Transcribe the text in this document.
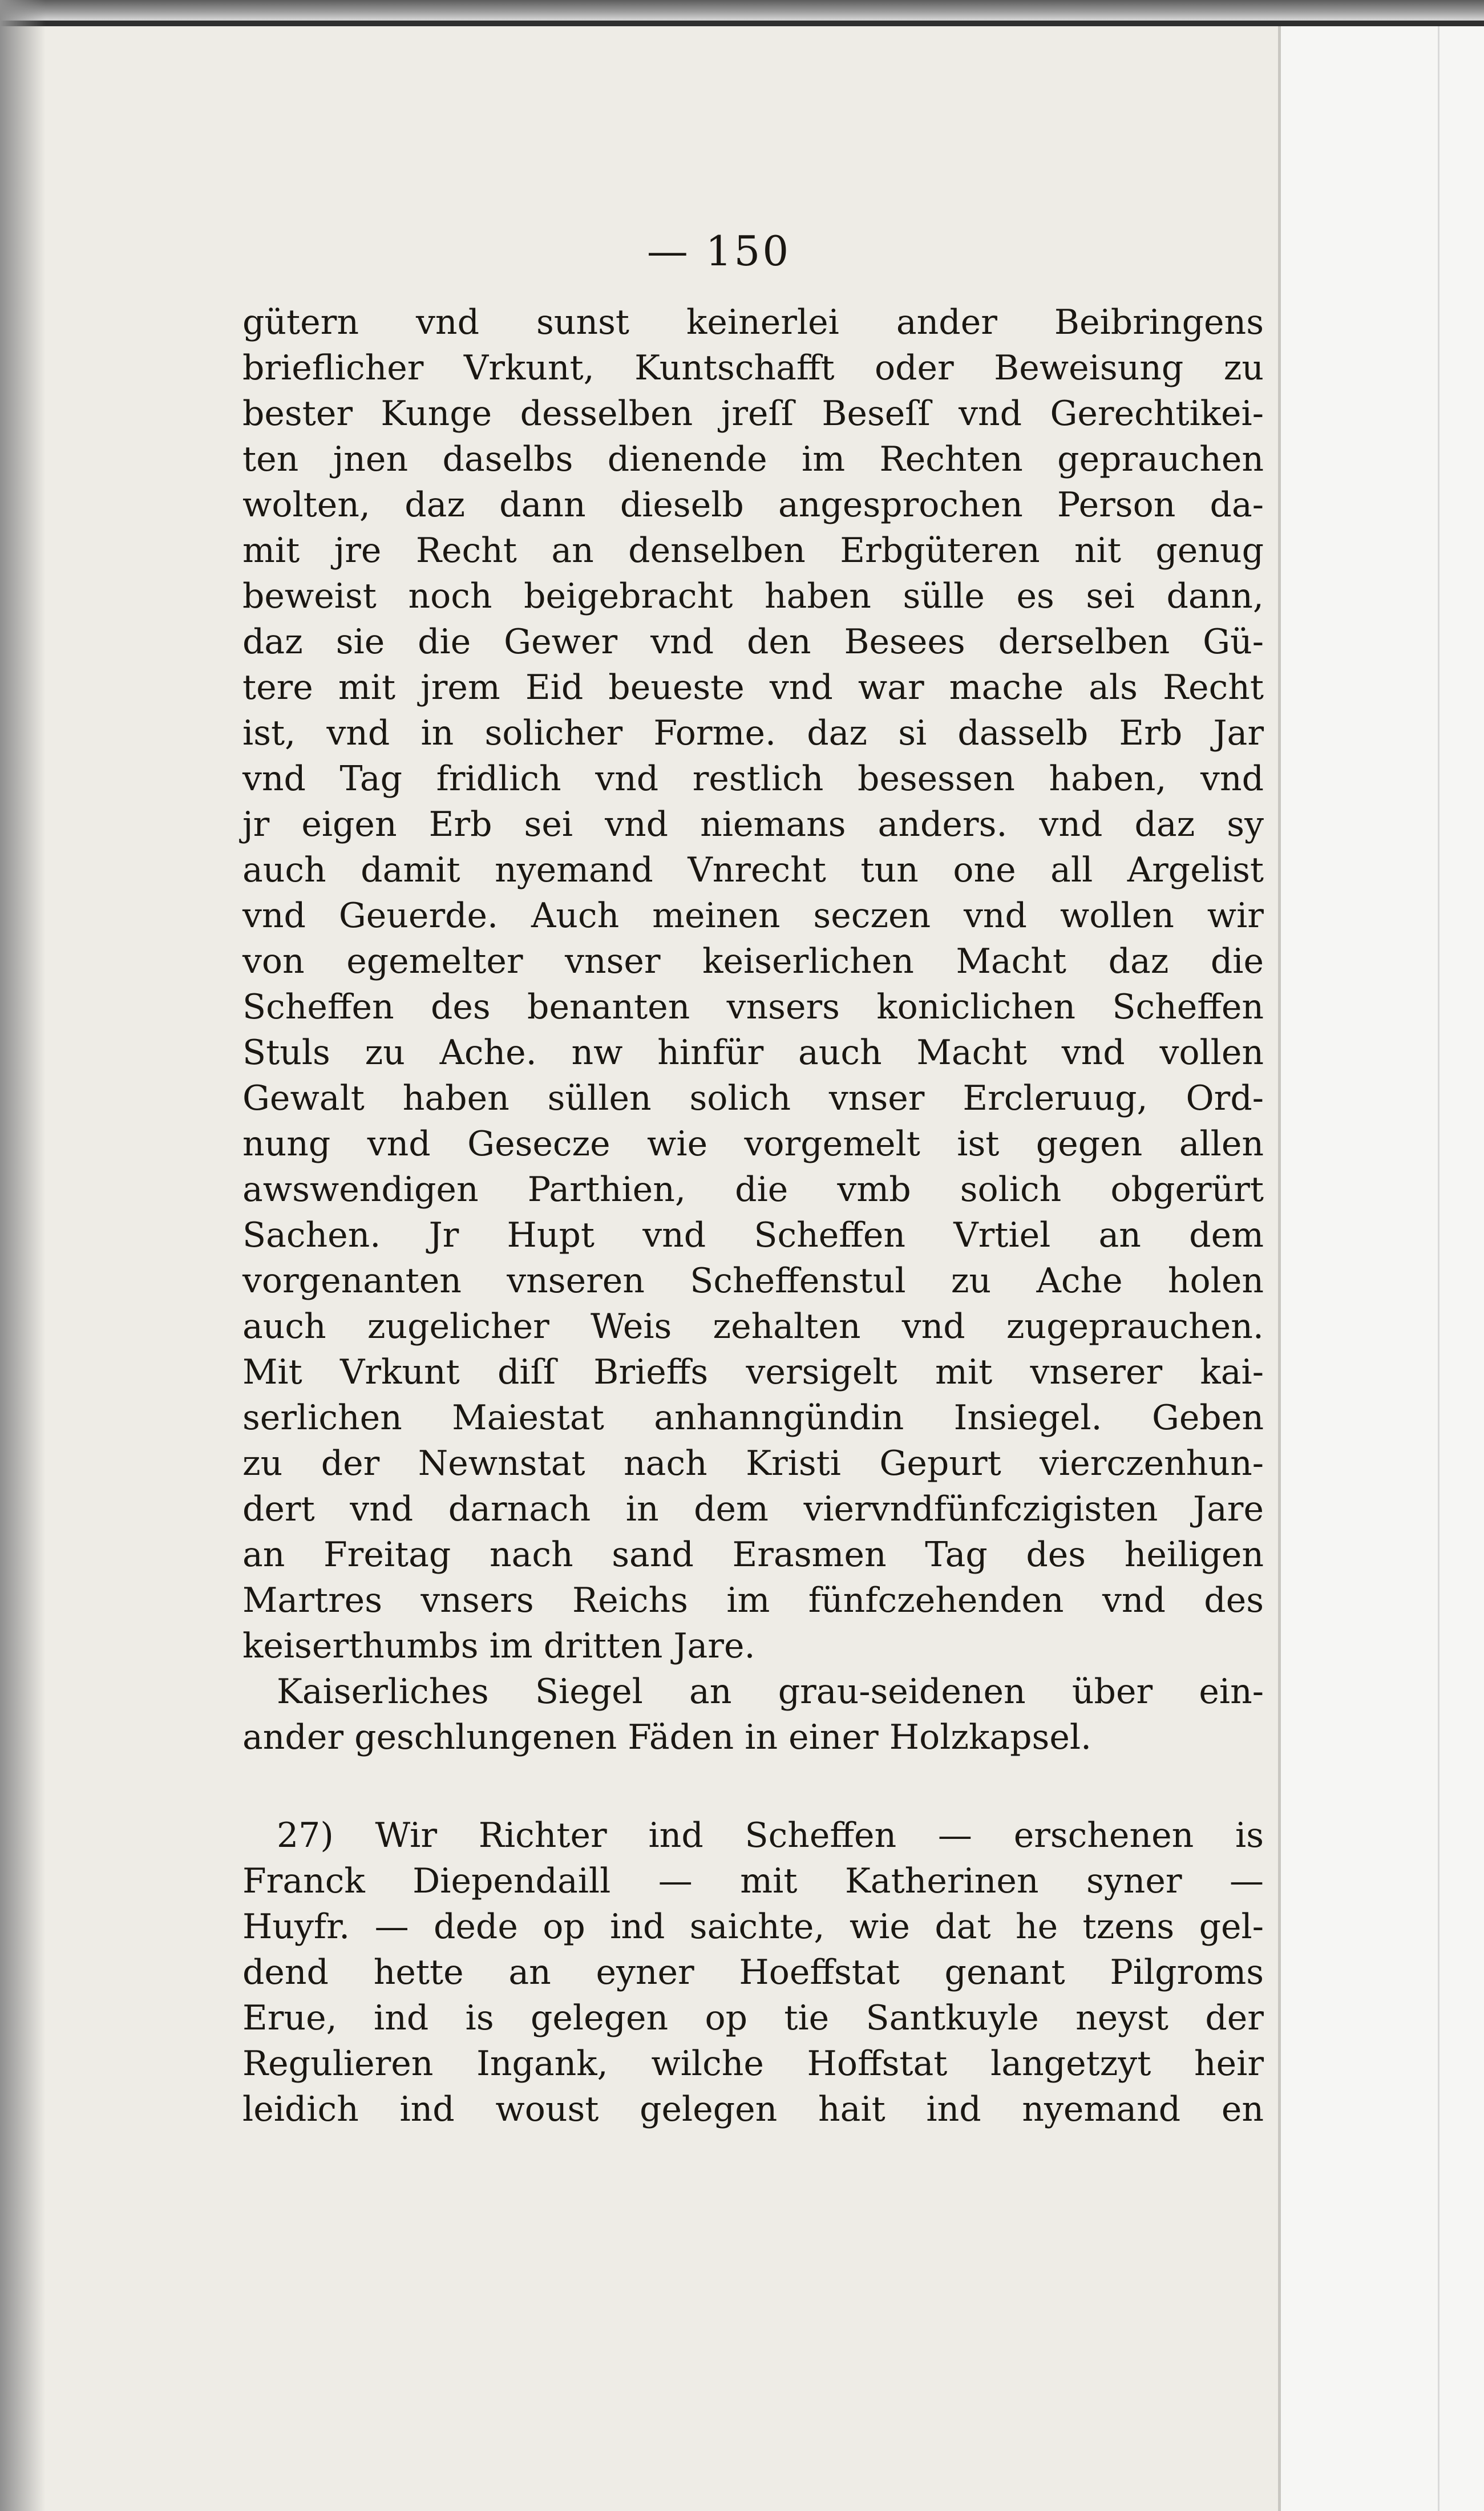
— 150
gütern vnd sunst keinerlei ander Beibringens
brieflicher Vrkunt, Kuntschafft oder Beweisung zu
bester Kunge desselben jreſſ Beseſſ vnd Gerechtikei-
ten jnen daselbs dienende im Rechten geprauchen
wolten, daz dann dieselb angesprochen Person da-
mit jre Recht an denselben Erbgüteren nit genug
beweist noch beigebracht haben sülle es sei dann,
daz sie die Gewer vnd den Besees derselben Gü-
tere mit jrem Eid beueste vnd war mache als Recht
ist, vnd in solicher Forme. daz si dasselb Erb Jar
vnd Tag fridlich vnd restlich besessen haben, vnd
jr eigen Erb sei vnd niemans anders. vnd daz sy
auch damit nyemand Vnrecht tun one all Argelist
vnd Geuerde. Auch meinen seczen vnd wollen wir
von egemelter vnser keiserlichen Macht daz die
Scheffen des benanten vnsers koniclichen Scheffen
Stuls zu Ache. nw hinfür auch Macht vnd vollen
Gewalt haben süllen solich vnser Ercleruug, Ord-
nung vnd Gesecze wie vorgemelt ist gegen allen
awswendigen Parthien, die vmb solich obgerürt
Sachen. Jr Hupt vnd Scheffen Vrtiel an dem
vorgenanten vnseren Scheffenstul zu Ache holen
auch zugelicher Weis zehalten vnd zugeprauchen.
Mit Vrkunt diſſ Brieffs versigelt mit vnserer kai-
serlichen Maiestat anhanngündin Insiegel. Geben
zu der Newnstat nach Kristi Gepurt vierczenhun-
dert vnd darnach in dem viervndfünfczigisten Jare
an Freitag nach sand Erasmen Tag des heiligen
Martres vnsers Reichs im fünfczehenden vnd des
keiserthumbs im dritten Jare.
Kaiserliches Siegel an grau-seidenen über ein-
ander geschlungenen Fäden in einer Holzkapsel.
27) Wir Richter ind Scheffen — erschenen is
Franck Diependaill — mit Katherinen syner —
Huyfr. — dede op ind saichte, wie dat he tzens gel-
dend hette an eyner Hoeffstat genant Pilgroms
Erue, ind is gelegen op tie Santkuyle neyst der
Regulieren Ingank, wilche Hoffstat langetzyt heir
leidich ind woust gelegen hait ind nyemand en
